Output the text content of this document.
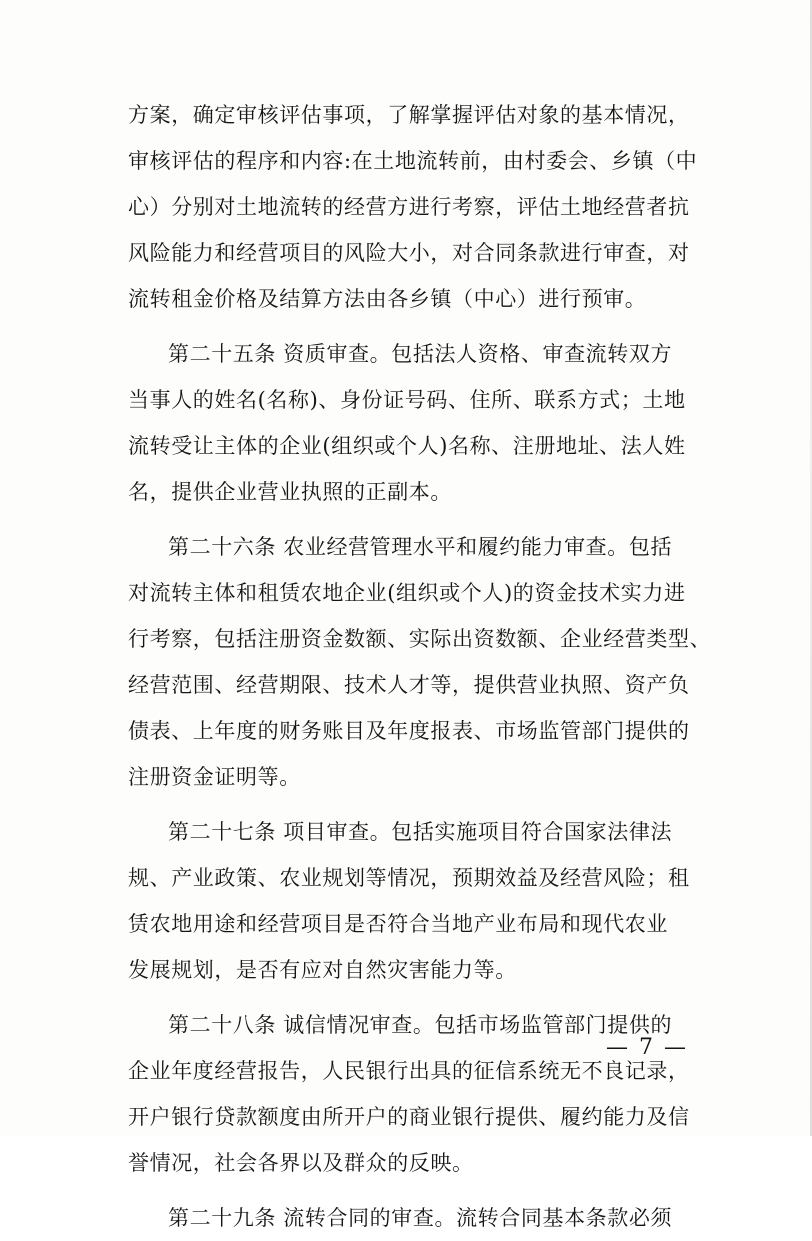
方案，确定审核评估事项，了解掌握评估对象的基本情况，
审核评估的程序和内容:在土地流转前，由村委会、乡镇（中
心）分别对土地流转的经营方进行考察，评估土地经营者抗
风险能力和经营项目的风险大小，对合同条款进行审查，对
流转租金价格及结算方法由各乡镇（中心）进行预审。
第二十五条 资质审查。包括法人资格、审查流转双方
当事人的姓名(名称)、身份证号码、住所、联系方式；土地
流转受让主体的企业(组织或个人)名称、注册地址、法人姓
名，提供企业营业执照的正副本。
第二十六条 农业经营管理水平和履约能力审查。包括
对流转主体和租赁农地企业(组织或个人)的资金技术实力进
行考察，包括注册资金数额、实际出资数额、企业经营类型、
经营范围、经营期限、技术人才等，提供营业执照、资产负
债表、上年度的财务账目及年度报表、市场监管部门提供的
注册资金证明等。
第二十七条 项目审查。包括实施项目符合国家法律法
规、产业政策、农业规划等情况，预期效益及经营风险；租
赁农地用途和经营项目是否符合当地产业布局和现代农业
发展规划，是否有应对自然灾害能力等。
第二十八条 诚信情况审查。包括市场监管部门提供的
企业年度经营报告，人民银行出具的征信系统无不良记录，
开户银行贷款额度由所开户的商业银行提供、履约能力及信
誉情况，社会各界以及群众的反映。
第二十九条 流转合同的审查。流转合同基本条款必须
— 7 —
